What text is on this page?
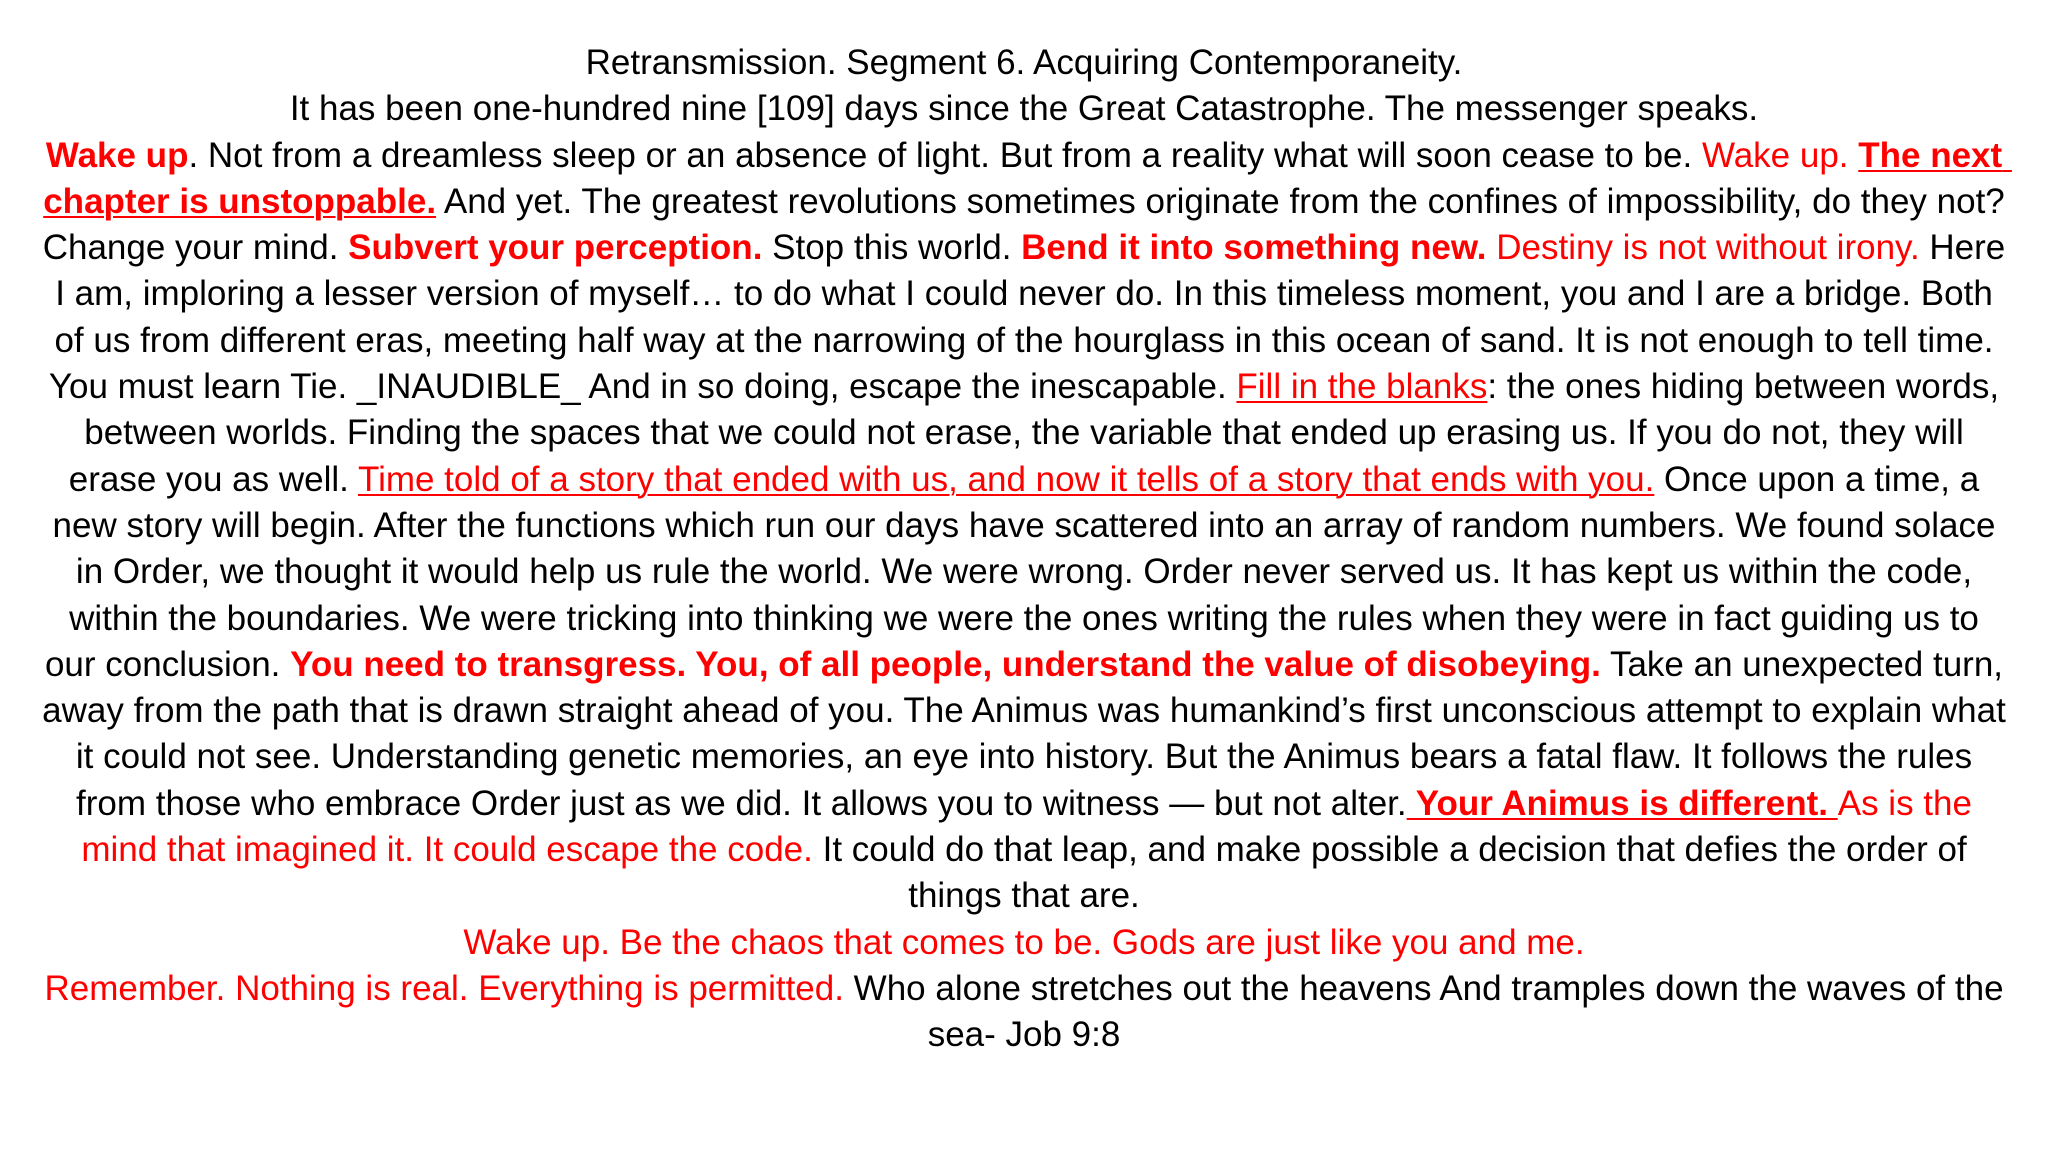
Retransmission. Segment 6. Acquiring Contemporaneity.

It has been one-hundred nine [109] days since the Great Catastrophe. The messenger speaks.

Wake up. Not from a dreamless sleep or an absence of light. But from a reality what will soon cease to be. Wake up. The next chapter is unstoppable. And yet. The greatest revolutions sometimes originate from the confines of impossibility, do they not? Change your mind. Subvert your perception. Stop this world. Bend it into something new. Destiny is not without irony. Here I am, imploring a lesser version of myself… to do what I could never do. In this timeless moment, you and I are a bridge. Both of us from different eras, meeting half way at the narrowing of the hourglass in this ocean of sand. It is not enough to tell time. You must learn Tie. _INAUDIBLE_ And in so doing, escape the inescapable. Fill in the blanks: the ones hiding between words, between worlds. Finding the spaces that we could not erase, the variable that ended up erasing us. If you do not, they will erase you as well. Time told of a story that ended with us, and now it tells of a story that ends with you. Once upon a time, a new story will begin. After the functions which run our days have scattered into an array of random numbers. We found solace in Order, we thought it would help us rule the world. We were wrong. Order never served us. It has kept us within the code, within the boundaries. We were tricking into thinking we were the ones writing the rules when they were in fact guiding us to our conclusion. You need to transgress. You, of all people, understand the value of disobeying. Take an unexpected turn, away from the path that is drawn straight ahead of you. The Animus was humankind’s first unconscious attempt to explain what it could not see. Understanding genetic memories, an eye into history. But the Animus bears a fatal flaw. It follows the rules from those who embrace Order just as we did. It allows you to witness — but not alter. Your Animus is different. As is the mind that imagined it. It could escape the code. It could do that leap, and make possible a decision that defies the order of things that are.

Wake up. Be the chaos that comes to be. Gods are just like you and me.

Remember. Nothing is real. Everything is permitted. Who alone stretches out the heavens And tramples down the waves of the sea- Job 9:8
